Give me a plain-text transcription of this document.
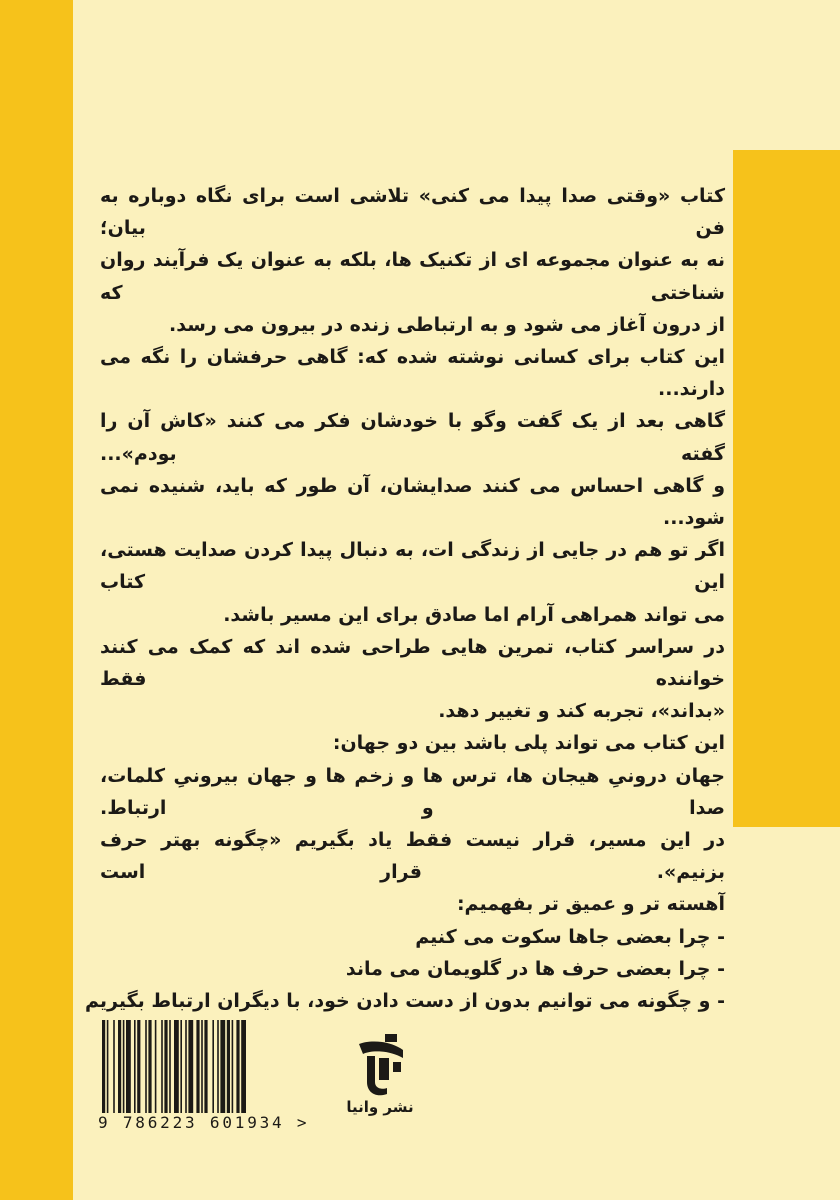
کتاب «وقتی صدا پیدا می کنی» تلاشی است برای نگاه دوباره به فن بیان؛
نه به عنوان مجموعه ای از تکنیک ها، بلکه به عنوان یک فرآیند روان شناختی که
از درون آغاز می شود و به ارتباطی زنده در بیرون می رسد.
این کتاب برای کسانی نوشته شده که: گاهی حرفشان را نگه می دارند...
گاهی بعد از یک گفت وگو با خودشان فکر می کنند «کاش آن را گفته بودم»...
و گاهی احساس می کنند صدایشان، آن طور که باید، شنیده نمی شود...
اگر تو هم در جایی از زندگی ات، به دنبال پیدا کردن صدایت هستی، این کتاب
می تواند همراهی آرام اما صادق برای این مسیر باشد.
در سراسر کتاب، تمرین هایی طراحی شده اند که کمک می کنند خواننده فقط
«بداند»، تجربه کند و تغییر دهد.
این کتاب می تواند پلی باشد بین دو جهان:
جهان درونیِ هیجان ها، ترس ها و زخم ها و جهان بیرونیِ کلمات، صدا و ارتباط.
در این مسیر، قرار نیست فقط یاد بگیریم «چگونه بهتر حرف بزنیم». قرار است
آهسته تر و عمیق تر بفهمیم:
- چرا بعضی جاها سکوت می کنیم
- چرا بعضی حرف ها در گلویمان می ماند
- و چگونه می توانیم بدون از دست دادن خود، با دیگران ارتباط بگیریم
9 786223 601934 >
نشر وانیا
